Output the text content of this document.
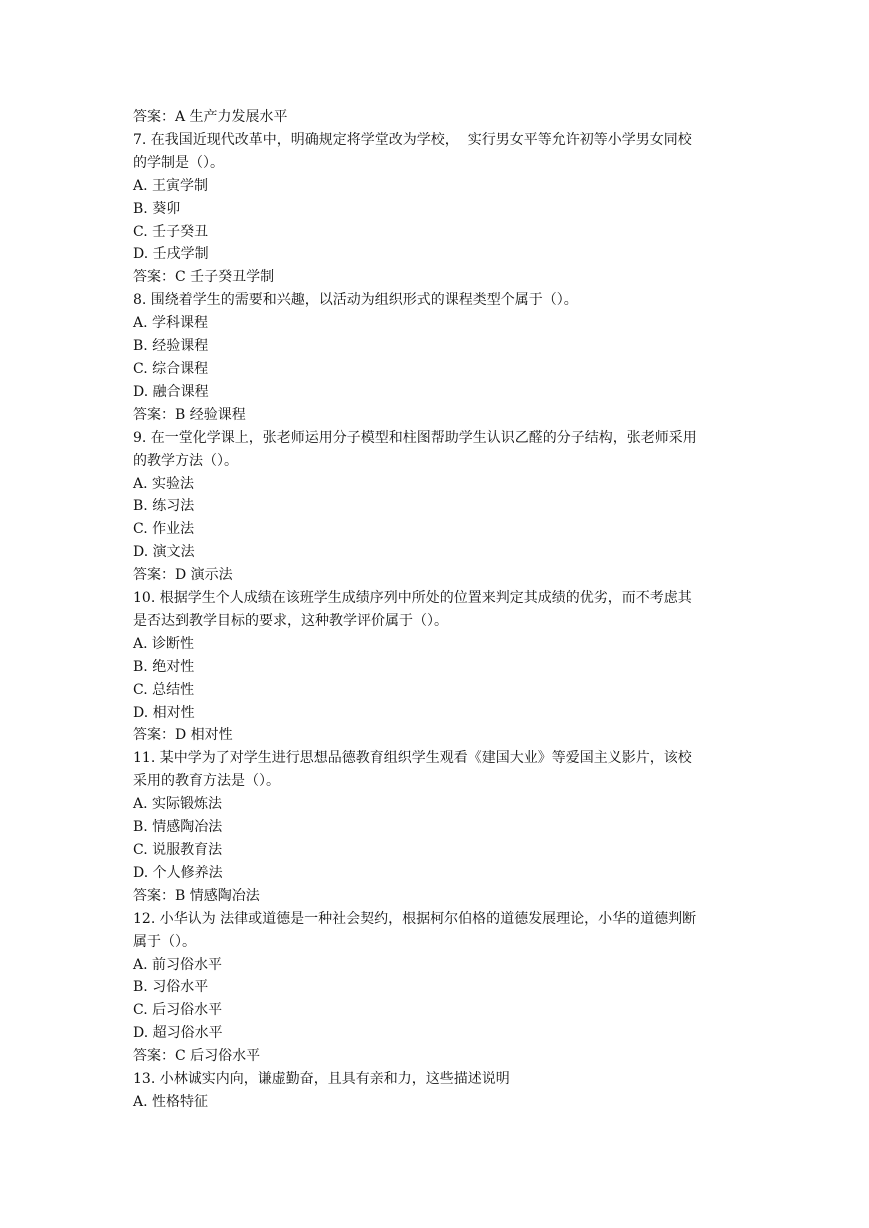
答案：A 生产力发展水平
7. 在我国近现代改革中，明确规定将学堂改为学校，  实行男女平等允许初等小学男女同校
的学制是（）。
A. 王寅学制
B. 葵卯
C. 壬子癸丑
D. 壬戌学制
答案：C 壬子癸丑学制
8. 围绕着学生的需要和兴趣，以活动为组织形式的课程类型个属于（）。
A. 学科课程
B. 经验课程
C. 综合课程
D. 融合课程
答案：B 经验课程
9. 在一堂化学课上，张老师运用分子模型和柱图帮助学生认识乙醛的分子结构，张老师采用
的教学方法（）。
A. 实验法
B. 练习法
C. 作业法
D. 演文法
答案：D 演示法
10. 根据学生个人成绩在该班学生成绩序列中所处的位置来判定其成绩的优劣，而不考虑其
是否达到教学目标的要求，这种教学评价属于（）。
A. 诊断性
B. 绝对性
C. 总结性
D. 相对性
答案：D 相对性
11. 某中学为了对学生进行思想品德教育组织学生观看《建国大业》等爱国主义影片，该校
采用的教育方法是（）。
A. 实际锻炼法
B. 情感陶冶法
C. 说服教育法
D. 个人修养法
答案：B 情感陶冶法
12. 小华认为 法律或道德是一种社会契约，根据柯尔伯格的道德发展理论，小华的道德判断
属于（）。
A. 前习俗水平
B. 习俗水平
C. 后习俗水平
D. 超习俗水平
答案：C 后习俗水平
13. 小林诚实内向，谦虚勤奋，且具有亲和力，这些描述说明
A. 性格特征
